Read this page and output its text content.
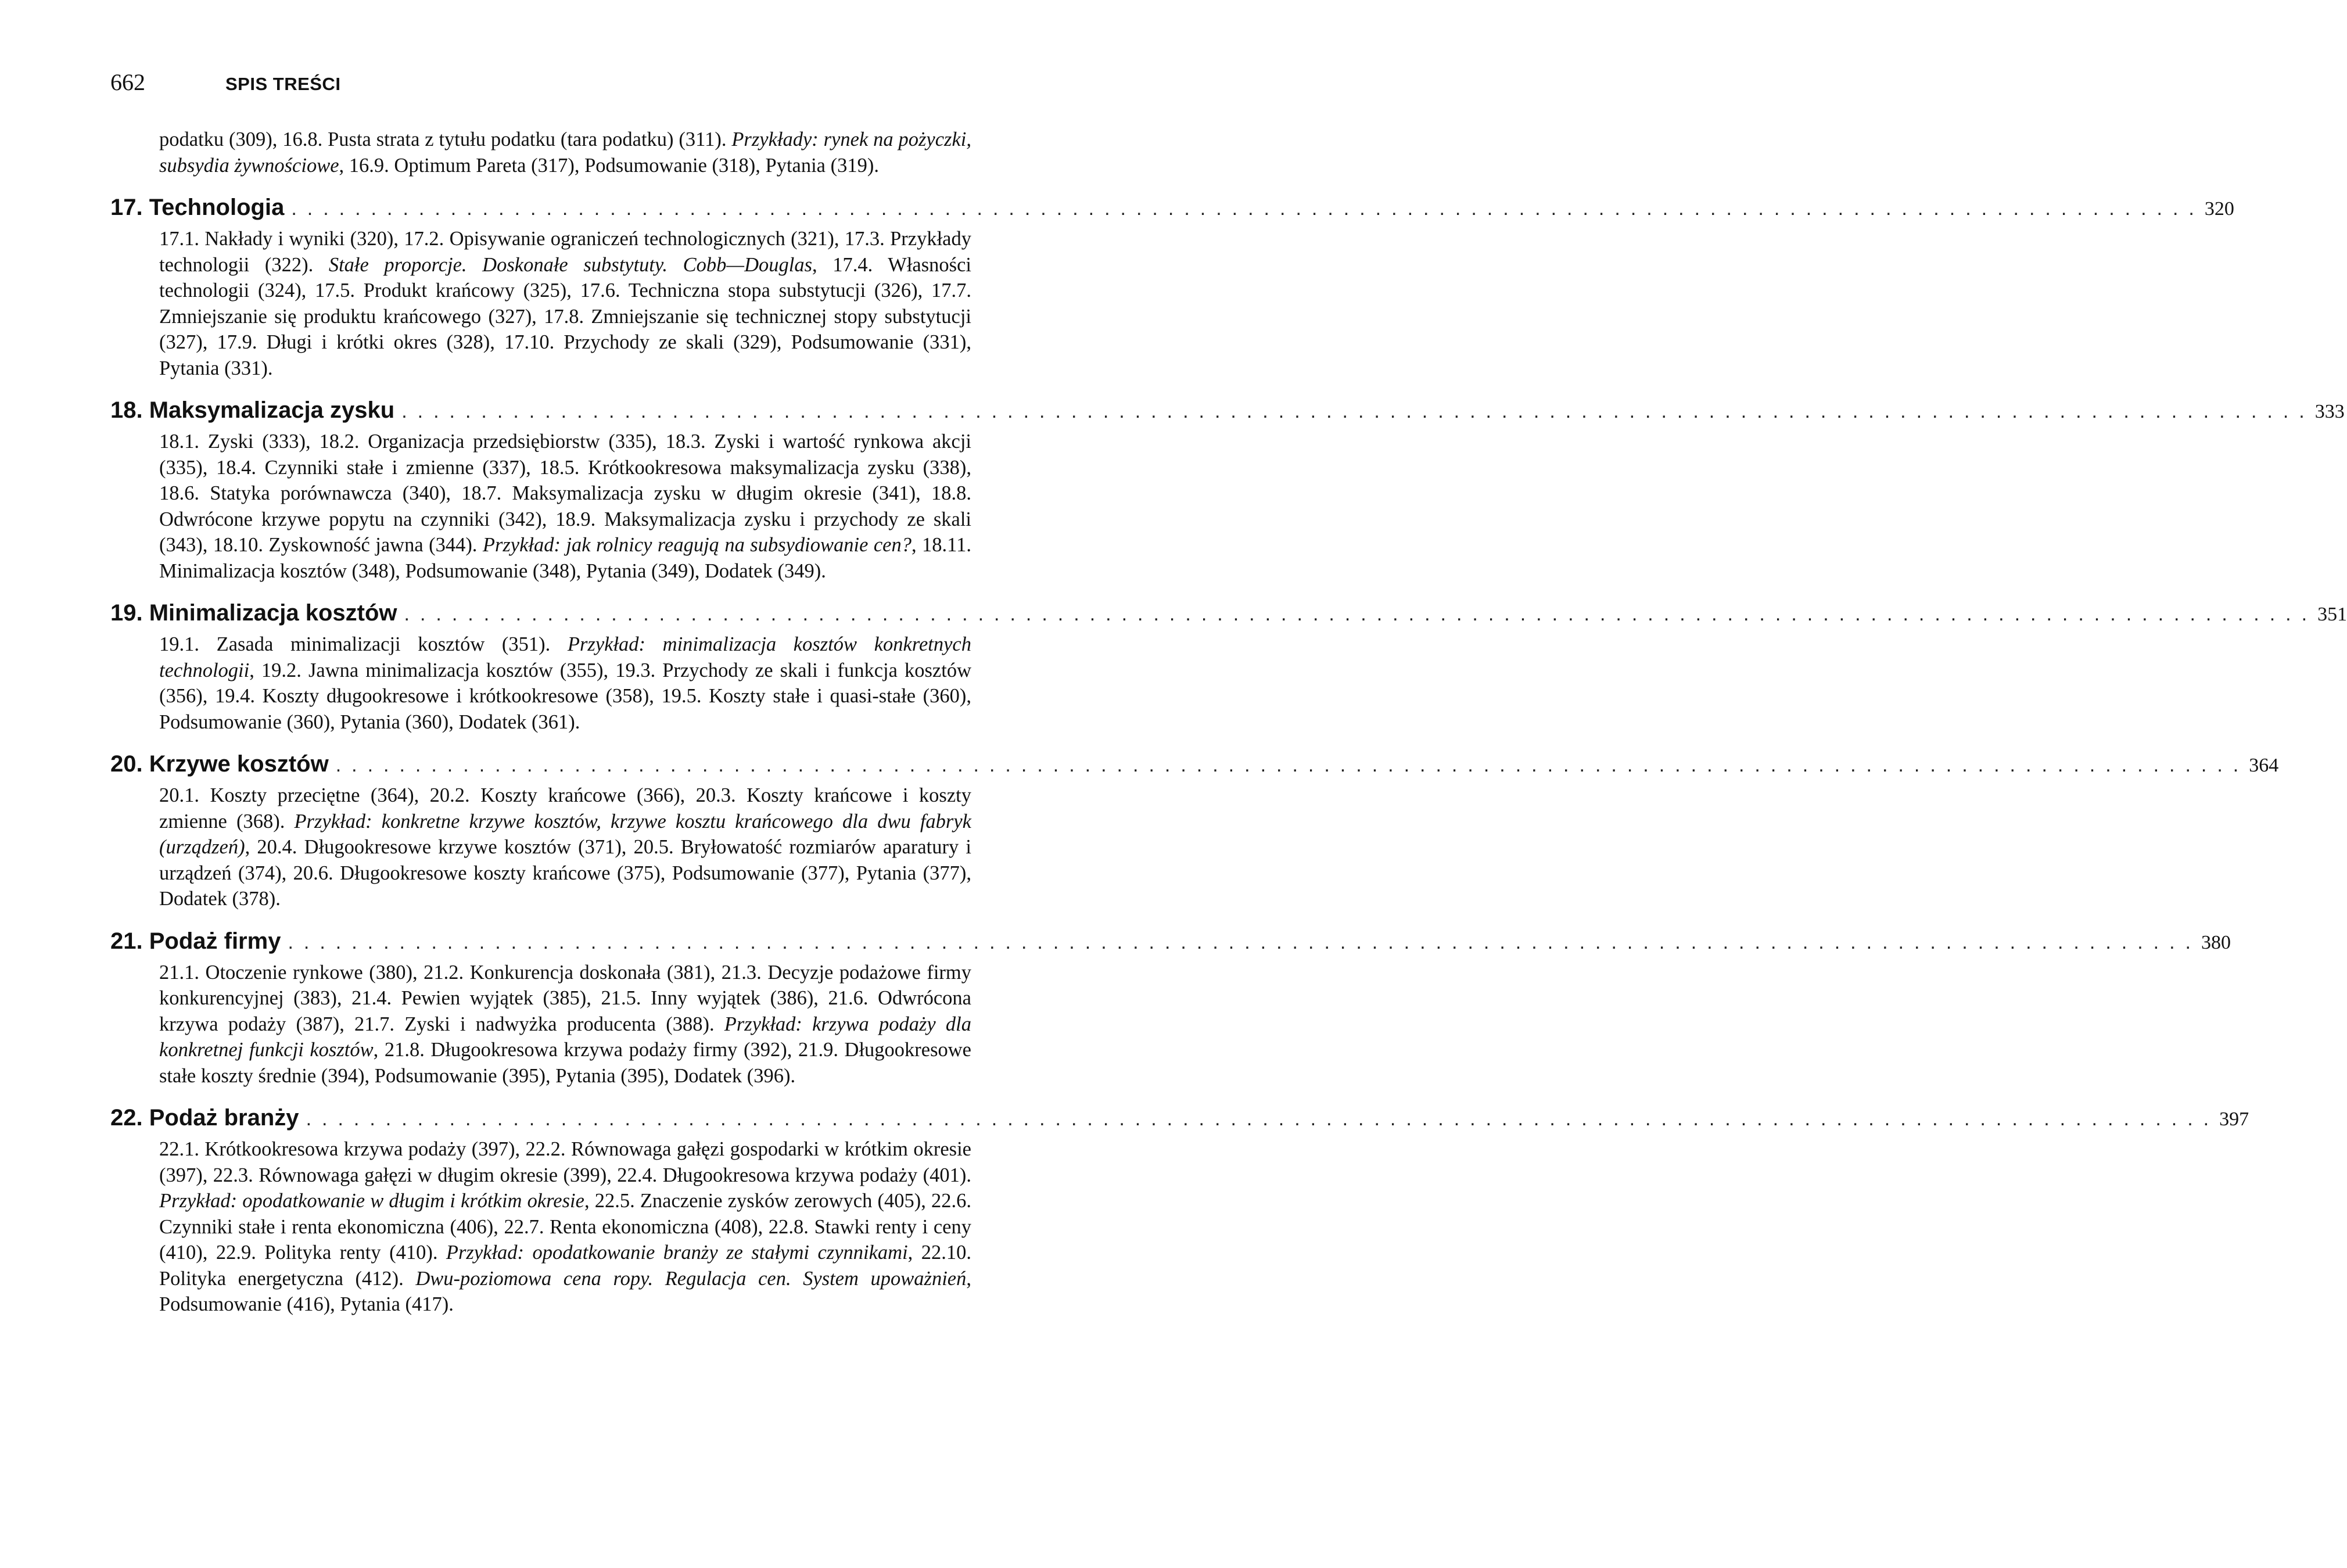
662	SPIS TREŚCI
podatku (309), 16.8. Pusta strata z tytułu podatku (tara podatku) (311). Przykłady: rynek na pożyczki, subsydia żywnościowe, 16.9. Optimum Pareta (317), Podsumowanie (318), Pytania (319).
17. Technologia ........................................................................................................................ 320
17.1. Nakłady i wyniki (320), 17.2. Opisywanie ograniczeń technologicznych (321), 17.3. Przykłady technologii (322). Stałe proporcje. Doskonałe substytuty. Cobb—Douglas, 17.4. Własności technologii (324), 17.5. Produkt krańcowy (325), 17.6. Techniczna stopa substytucji (326), 17.7. Zmniejszanie się produktu krańcowego (327), 17.8. Zmniejszanie się technicznej stopy substytucji (327), 17.9. Długi i krótki okres (328), 17.10. Przychody ze skali (329), Podsumowanie (331), Pytania (331).
18. Maksymalizacja zysku ........................................................................................................................ 333
18.1. Zyski (333), 18.2. Organizacja przedsiębiorstw (335), 18.3. Zyski i wartość rynkowa akcji (335), 18.4. Czynniki stałe i zmienne (337), 18.5. Krótkookresowa maksymalizacja zysku (338), 18.6. Statyka porównawcza (340), 18.7. Maksymalizacja zysku w długim okresie (341), 18.8. Odwrócone krzywe popytu na czynniki (342), 18.9. Maksymalizacja zysku i przychody ze skali (343), 18.10. Zyskowność jawna (344). Przykład: jak rolnicy reagują na subsydiowanie cen?, 18.11. Minimalizacja kosztów (348), Podsumowanie (348), Pytania (349), Dodatek (349).
19. Minimalizacja kosztów ........................................................................................................................ 351
19.1. Zasada minimalizacji kosztów (351). Przykład: minimalizacja kosztów konkretnych technologii, 19.2. Jawna minimalizacja kosztów (355), 19.3. Przychody ze skali i funkcja kosztów (356), 19.4. Koszty długookresowe i krótkookresowe (358), 19.5. Koszty stałe i quasi-stałe (360), Podsumowanie (360), Pytania (360), Dodatek (361).
20. Krzywe kosztów ........................................................................................................................ 364
20.1. Koszty przeciętne (364), 20.2. Koszty krańcowe (366), 20.3. Koszty krańcowe i koszty zmienne (368). Przykład: konkretne krzywe kosztów, krzywe kosztu krańcowego dla dwu fabryk (urządzeń), 20.4. Długookresowe krzywe kosztów (371), 20.5. Bryłowatość rozmiarów aparatury i urządzeń (374), 20.6. Długookresowe koszty krańcowe (375), Podsumowanie (377), Pytania (377), Dodatek (378).
21. Podaż firmy ........................................................................................................................ 380
21.1. Otoczenie rynkowe (380), 21.2. Konkurencja doskonała (381), 21.3. Decyzje podażowe firmy konkurencyjnej (383), 21.4. Pewien wyjątek (385), 21.5. Inny wyjątek (386), 21.6. Odwrócona krzywa podaży (387), 21.7. Zyski i nadwyżka producenta (388). Przykład: krzywa podaży dla konkretnej funkcji kosztów, 21.8. Długookresowa krzywa podaży firmy (392), 21.9. Długookresowe stałe koszty średnie (394), Podsumowanie (395), Pytania (395), Dodatek (396).
22. Podaż branży ........................................................................................................................ 397
22.1. Krótkookresowa krzywa podaży (397), 22.2. Równowaga gałęzi gospodarki w krótkim okresie (397), 22.3. Równowaga gałęzi w długim okresie (399), 22.4. Długookresowa krzywa podaży (401). Przykład: opodatkowanie w długim i krótkim okresie, 22.5. Znaczenie zysków zerowych (405), 22.6. Czynniki stałe i renta ekonomiczna (406), 22.7. Renta ekonomiczna (408), 22.8. Stawki renty i ceny (410), 22.9. Polityka renty (410). Przykład: opodatkowanie branży ze stałymi czynnikami, 22.10. Polityka energetyczna (412). Dwu-poziomowa cena ropy. Regulacja cen. System upoważnień, Podsumowanie (416), Pytania (417).
